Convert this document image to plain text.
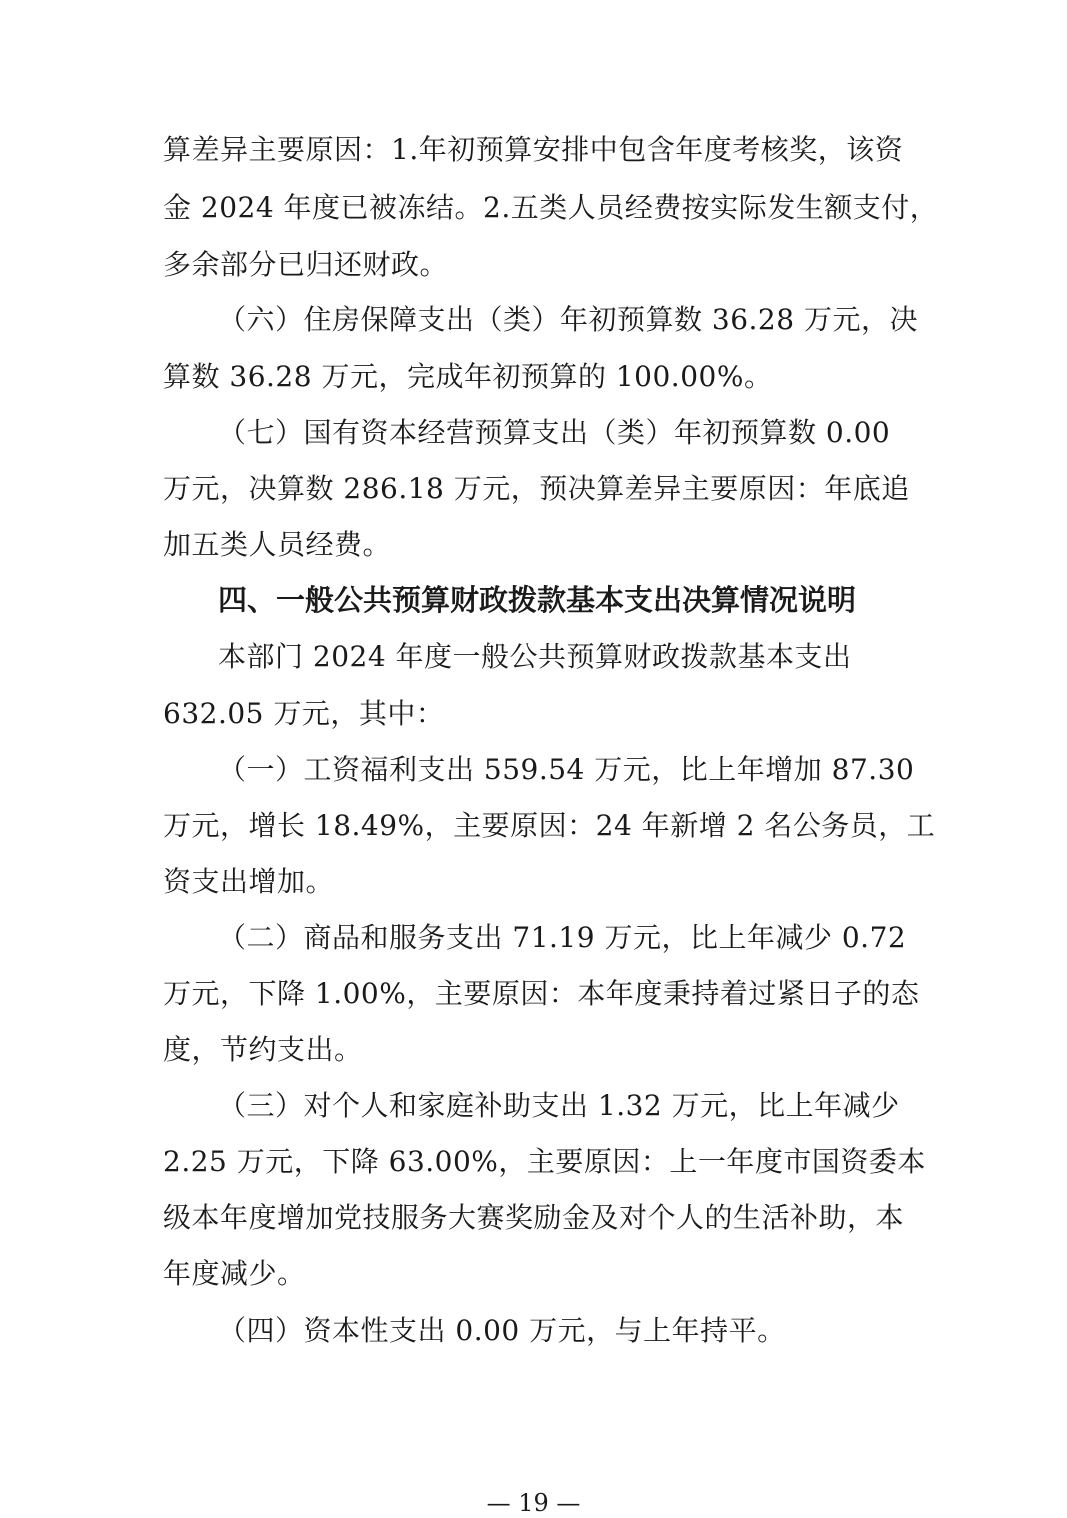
算差异主要原因：1.年初预算安排中包含年度考核奖，该资
金 2024 年度已被冻结。2.五类人员经费按实际发生额支付，
多余部分已归还财政。
（六）住房保障支出（类）年初预算数 36.28 万元，决
算数 36.28 万元，完成年初预算的 100.00%。
（七）国有资本经营预算支出（类）年初预算数 0.00
万元，决算数 286.18 万元，预决算差异主要原因：年底追
加五类人员经费。
四、一般公共预算财政拨款基本支出决算情况说明
本部门 2024 年度一般公共预算财政拨款基本支出
632.05 万元，其中：
（一）工资福利支出 559.54 万元，比上年增加 87.30
万元，增长 18.49%，主要原因：24 年新增 2 名公务员，工
资支出增加。
（二）商品和服务支出 71.19 万元，比上年减少 0.72
万元，下降 1.00%，主要原因：本年度秉持着过紧日子的态
度，节约支出。
（三）对个人和家庭补助支出 1.32 万元，比上年减少
2.25 万元，下降 63.00%，主要原因：上一年度市国资委本
级本年度增加党技服务大赛奖励金及对个人的生活补助，本
年度减少。
（四）资本性支出 0.00 万元，与上年持平。
— 19 —
